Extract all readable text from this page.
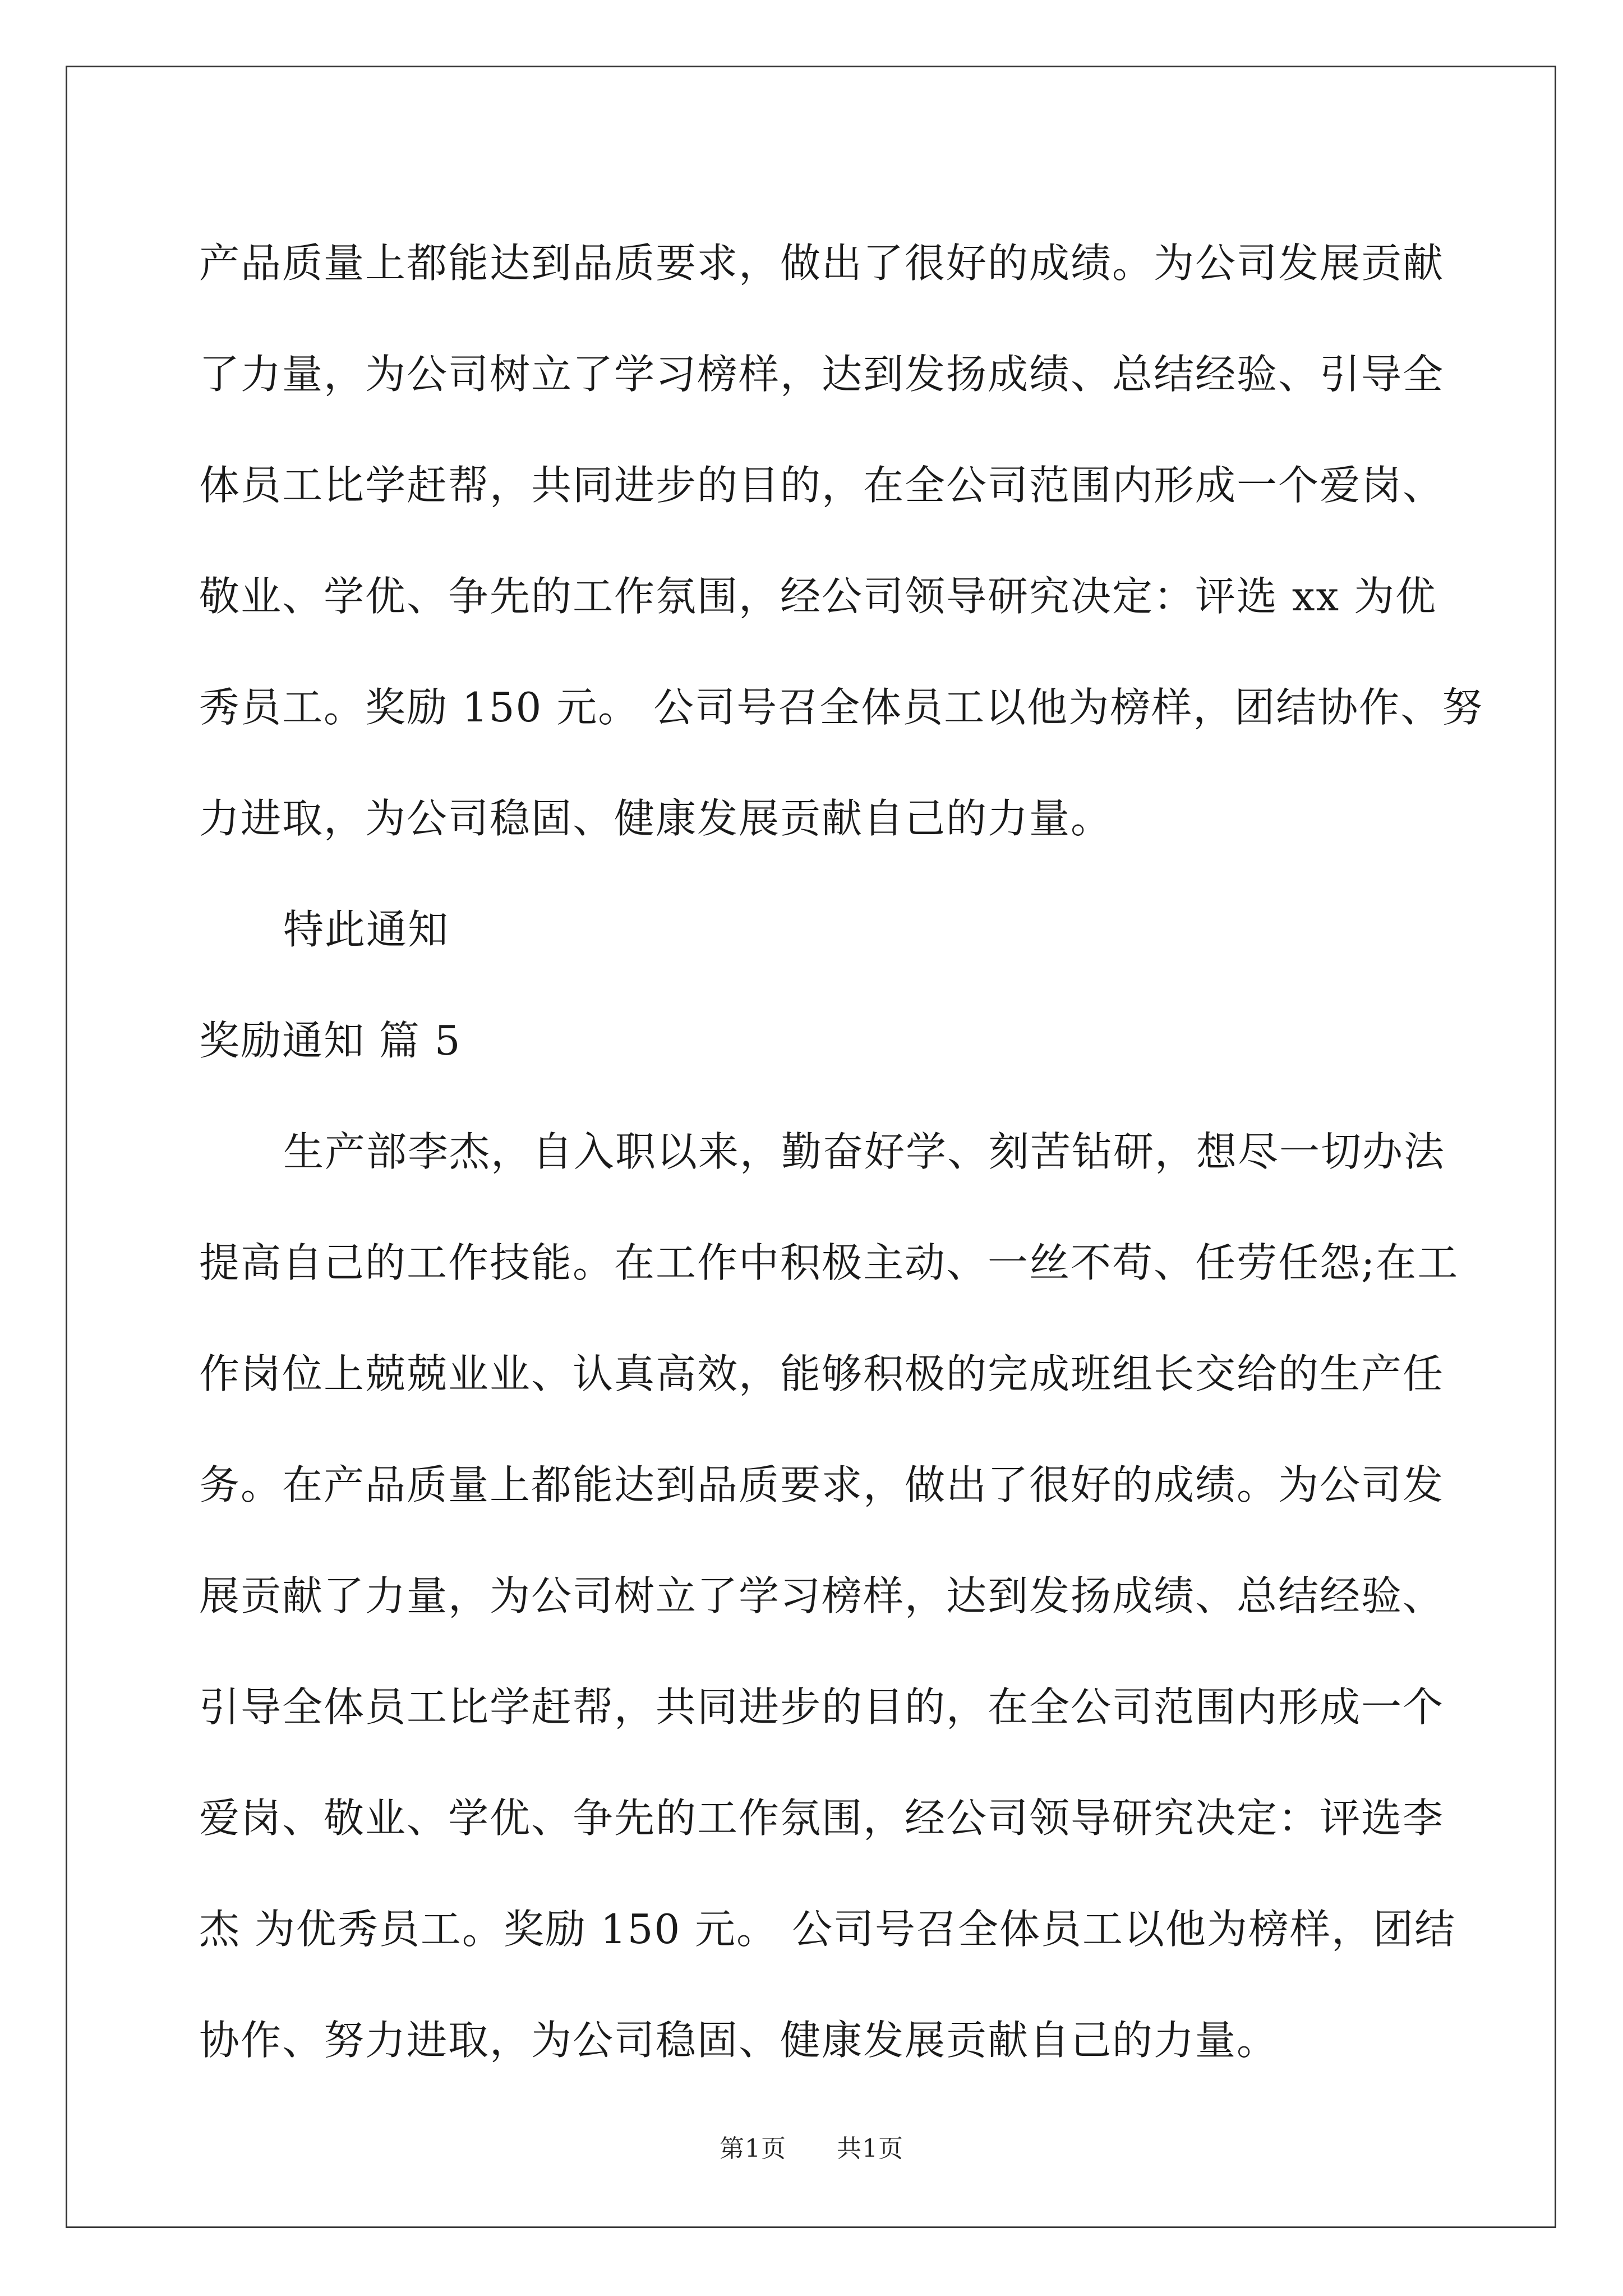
产品质量上都能达到品质要求，做出了很好的成绩。为公司发展贡献
了力量，为公司树立了学习榜样，达到发扬成绩、总结经验、引导全
体员工比学赶帮，共同进步的目的，在全公司范围内形成一个爱岗、
敬业、学优、争先的工作氛围，经公司领导研究决定：评选 xx 为优
秀员工。奖励 150 元。 公司号召全体员工以他为榜样，团结协作、努
力进取，为公司稳固、健康发展贡献自己的力量。
特此通知
奖励通知 篇 5
生产部李杰，自入职以来，勤奋好学、刻苦钻研，想尽一切办法
提高自己的工作技能。在工作中积极主动、一丝不苟、任劳任怨;在工
作岗位上兢兢业业、认真高效，能够积极的完成班组长交给的生产任
务。在产品质量上都能达到品质要求，做出了很好的成绩。为公司发
展贡献了力量，为公司树立了学习榜样，达到发扬成绩、总结经验、
引导全体员工比学赶帮，共同进步的目的，在全公司范围内形成一个
爱岗、敬业、学优、争先的工作氛围，经公司领导研究决定：评选李
杰 为优秀员工。奖励 150 元。 公司号召全体员工以他为榜样，团结
协作、努力进取，为公司稳固、健康发展贡献自己的力量。
第1页 共1页
